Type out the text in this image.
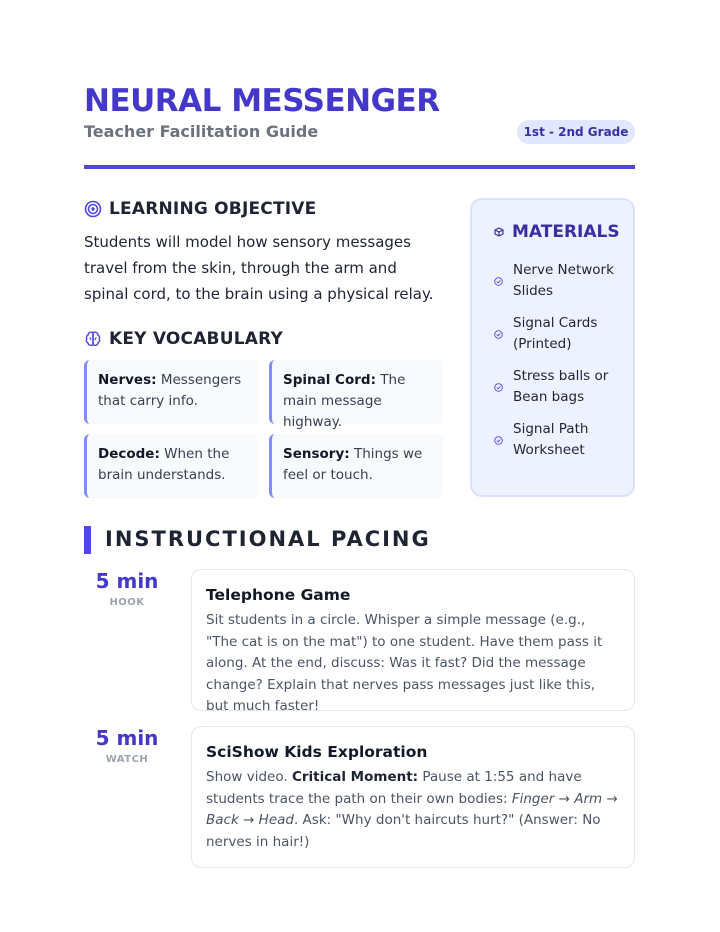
NEURAL MESSENGER
Teacher Facilitation Guide	1st - 2nd Grade
LEARNING OBJECTIVE
Students will model how sensory messages travel from the skin, through the arm and spinal cord, to the brain using a physical relay.
KEY VOCABULARY
Nerves: Messengers that carry info.
Spinal Cord: The main message highway.
Decode: When the brain understands.
Sensory: Things we feel or touch.
MATERIALS
Nerve Network Slides
Signal Cards (Printed)
Stress balls or Bean bags
Signal Path Worksheet
INSTRUCTIONAL PACING
5 min
HOOK	Telephone Game
Sit students in a circle. Whisper a simple message (e.g., "The cat is on the mat") to one student. Have them pass it along. At the end, discuss: Was it fast? Did the message change? Explain that nerves pass messages just like this, but much faster!
5 min
WATCH	SciShow Kids Exploration
Show video. Critical Moment: Pause at 1:55 and have students trace the path on their own bodies: Finger → Arm → Back → Head. Ask: "Why don't haircuts hurt?" (Answer: No nerves in hair!)
